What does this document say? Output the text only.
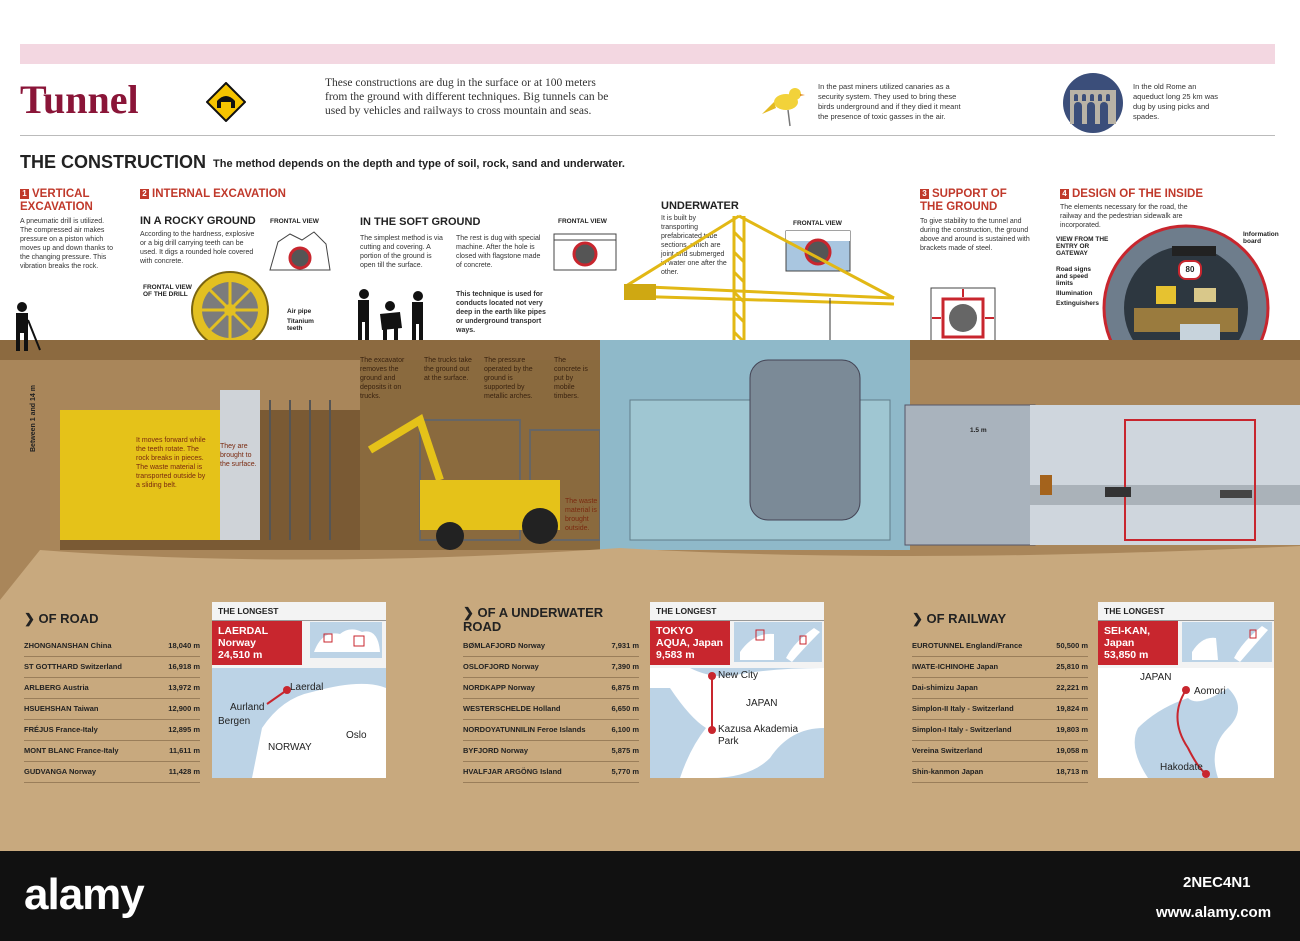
Tunnel	These constructions are dug in the surface or at 100 meters from the ground with different techniques. Big tunnels can be used by vehicles and railways to cross mountain and seas.
In the past miners utilized canaries as a security system. They used to bring these birds underground and if they died it meant the presence of toxic gasses in the air.
In the old Rome an aqueduct long 25 km was dug by using picks and spades.
THE CONSTRUCTION The method depends on the depth and type of soil, rock, sand and underwater.
1 VERTICAL EXCAVATION
A pneumatic drill is utilized. The compressed air makes pressure on a piston which moves up and down thanks to the changing pressure. This vibration breaks the rock.
2 INTERNAL EXCAVATION
IN A ROCKY GROUND
According to the hardness, explosive or a big drill carrying teeth can be used. It digs a rounded hole covered with concrete.
FRONTAL VIEW
FRONTAL VIEW OF THE DRILL
Air pipe
Titanium teeth
IN THE SOFT GROUND
The simplest method is via cutting and covering. A portion of the ground is open till the surface.
The rest is dug with special machine. After the hole is closed with flagstone made of concrete.
This technique is used for conducts located not very deep in the earth like pipes or underground transport ways.
FRONTAL VIEW
UNDERWATER
It is built by transporting prefabricated tube sections, which are joint and submerged in water one after the other.
FRONTAL VIEW
3 SUPPORT OF THE GROUND
To give stability to the tunnel and during the construction, the ground above and around is sustained with brackets made of steel.
4 DESIGN OF THE INSIDE
The elements necessary for the road, the railway and the pedestrian sidewalk are incorporated.
80
VIEW FROM THE ENTRY OR GATEWAY
Information board
Road signs and speed limits
Illumination
Extinguishers
Between 1 and 14 m	It moves forward while the teeth rotate. The rock breaks in pieces. The waste material is transported outside by a sliding belt.
They are brought to the surface.
The excavator removes the ground and deposits it on trucks.
The trucks take the ground out at the surface.
The pressure operated by the ground is supported by metallic arches.
The concrete is put by mobile timbers.
The waste material is brought outside.
1.5 m
❯ OF ROAD
ZHONGNANSHAN China	18,040 m
ST GOTTHARD Switzerland	16,918 m
ARLBERG Austria	13,972 m
HSUEHSHAN Taiwan	12,900 m
FRÉJUS France-Italy	12,895 m
MONT BLANC France-Italy	11,611 m
GUDVANGA Norway	11,428 m
THE LONGEST
LAERDAL Norway
24,510 m
Laerdal
Aurland
Bergen
NORWAY
Oslo
❯ OF A UNDERWATER ROAD
BØMLAFJORD Norway	7,931 m
OSLOFJORD Norway	7,390 m
NORDKAPP Norway	6,875 m
WESTERSCHELDE Holland	6,650 m
NORDOYATUNNILIN Feroe Islands	6,100 m
BYFJORD Norway	5,875 m
HVALFJAR ARGÖNG Island	5,770 m
THE LONGEST
TOKYO AQUA, Japan
9,583 m
New City
JAPAN
Kazusa Akademia Park
❯ OF RAILWAY
EUROTUNNEL England/France	50,500 m
IWATE-ICHINOHE Japan	25,810 m
Dai-shimizu Japan	22,221 m
Simplon-II Italy - Switzerland	19,824 m
Simplon-I Italy - Switzerland	19,803 m
Vereina Switzerland	19,058 m
Shin-kanmon Japan	18,713 m
THE LONGEST
SEI-KAN, Japan
53,850 m
JAPAN
Aomori
Hakodate
alamy	2NEC4N1
www.alamy.com
